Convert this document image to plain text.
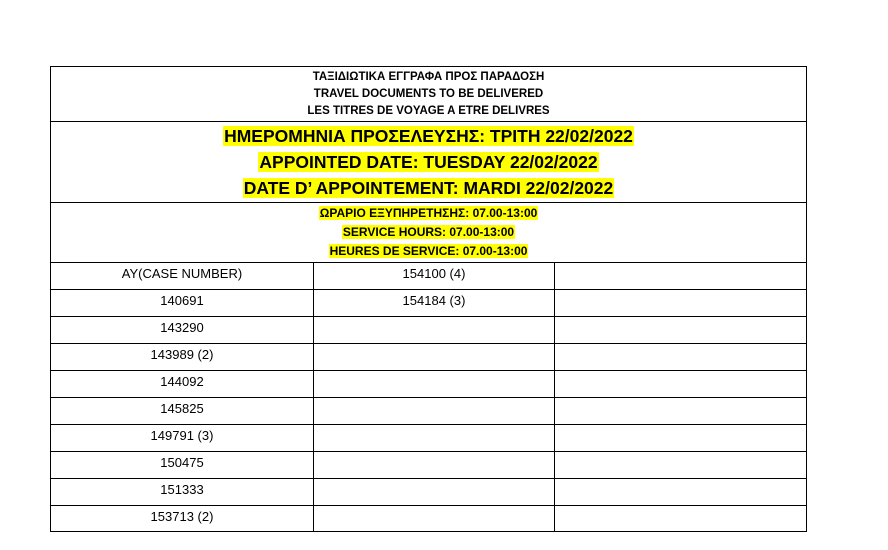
ΤΑΞΙΔΙΩΤΙΚΑ ΕΓΓΡΑΦΑ ΠΡΟΣ ΠΑΡΑΔΟΣΗ
TRAVEL DOCUMENTS TO BE DELIVERED
LES TITRES DE VOYAGE A ETRE DELIVRES		

ΗΜΕΡΟΜΗΝΙΑ ΠΡΟΣΕΛΕΥΣΗΣ: ΤΡΙΤΗ 22/02/2022
APPOINTED DATE: TUESDAY 22/02/2022
DATE D’ APPOINTEMENT: MARDI 22/02/2022		

ΩΡΑΡΙΟ ΕΞΥΠΗΡΕΤΗΣΗΣ: 07.00-13:00
SERVICE HOURS: 07.00-13:00
HEURES DE SERVICE: 07.00-13:00		

AY(CASE NUMBER)	154100 (4)	
140691	154184 (3)	
143290		
143989 (2)		
144092		
145825		
149791 (3)		
150475		
151333		
153713 (2)		
